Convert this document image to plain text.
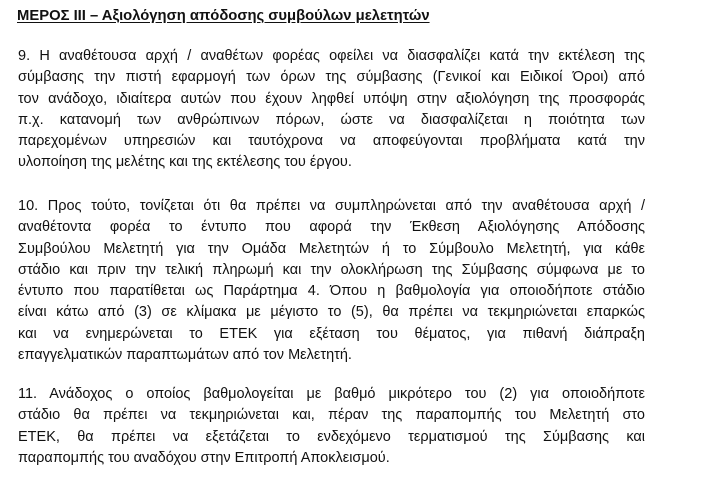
ΜΕΡΟΣ ΙΙΙ – Αξιολόγηση απόδοσης συμβούλων μελετητών
9. Η αναθέτουσα αρχή / αναθέτων φορέας οφείλει να διασφαλίζει κατά την εκτέλεση της
σύμβασης την πιστή εφαρμογή των όρων της σύμβασης (Γενικοί και Ειδικοί Όροι) από
τον ανάδοχο, ιδιαίτερα αυτών που έχουν ληφθεί υπόψη στην αξιολόγηση της προσφοράς
π.χ. κατανομή των ανθρώπινων πόρων, ώστε να διασφαλίζεται η ποιότητα των
παρεχομένων υπηρεσιών και ταυτόχρονα να αποφεύγονται προβλήματα κατά την
υλοποίηση της μελέτης και της εκτέλεσης του έργου.
10. Προς τούτο, τονίζεται ότι θα πρέπει να συμπληρώνεται από την αναθέτουσα αρχή /
αναθέτοντα φορέα το έντυπο που αφορά την Έκθεση Αξιολόγησης Απόδοσης
Συμβούλου Μελετητή για την Ομάδα Μελετητών ή το Σύμβουλο Μελετητή, για κάθε
στάδιο και πριν την τελική πληρωμή και την ολοκλήρωση της Σύμβασης σύμφωνα με το
έντυπο που παρατίθεται ως Παράρτημα 4. Όπου η βαθμολογία για οποιοδήποτε στάδιο
είναι κάτω από (3) σε κλίμακα με μέγιστο το (5), θα πρέπει να τεκμηριώνεται επαρκώς
και να ενημερώνεται το ΕΤΕΚ για εξέταση του θέματος, για πιθανή διάπραξη
επαγγελματικών παραπτωμάτων από τον Μελετητή.
11. Ανάδοχος ο οποίος βαθμολογείται με βαθμό μικρότερο του (2) για οποιοδήποτε
στάδιο θα πρέπει να τεκμηριώνεται και, πέραν της παραπομπής του Μελετητή στο
ΕΤΕΚ, θα πρέπει να εξετάζεται το ενδεχόμενο τερματισμού της Σύμβασης και
παραπομπής του αναδόχου στην Επιτροπή Αποκλεισμού.
